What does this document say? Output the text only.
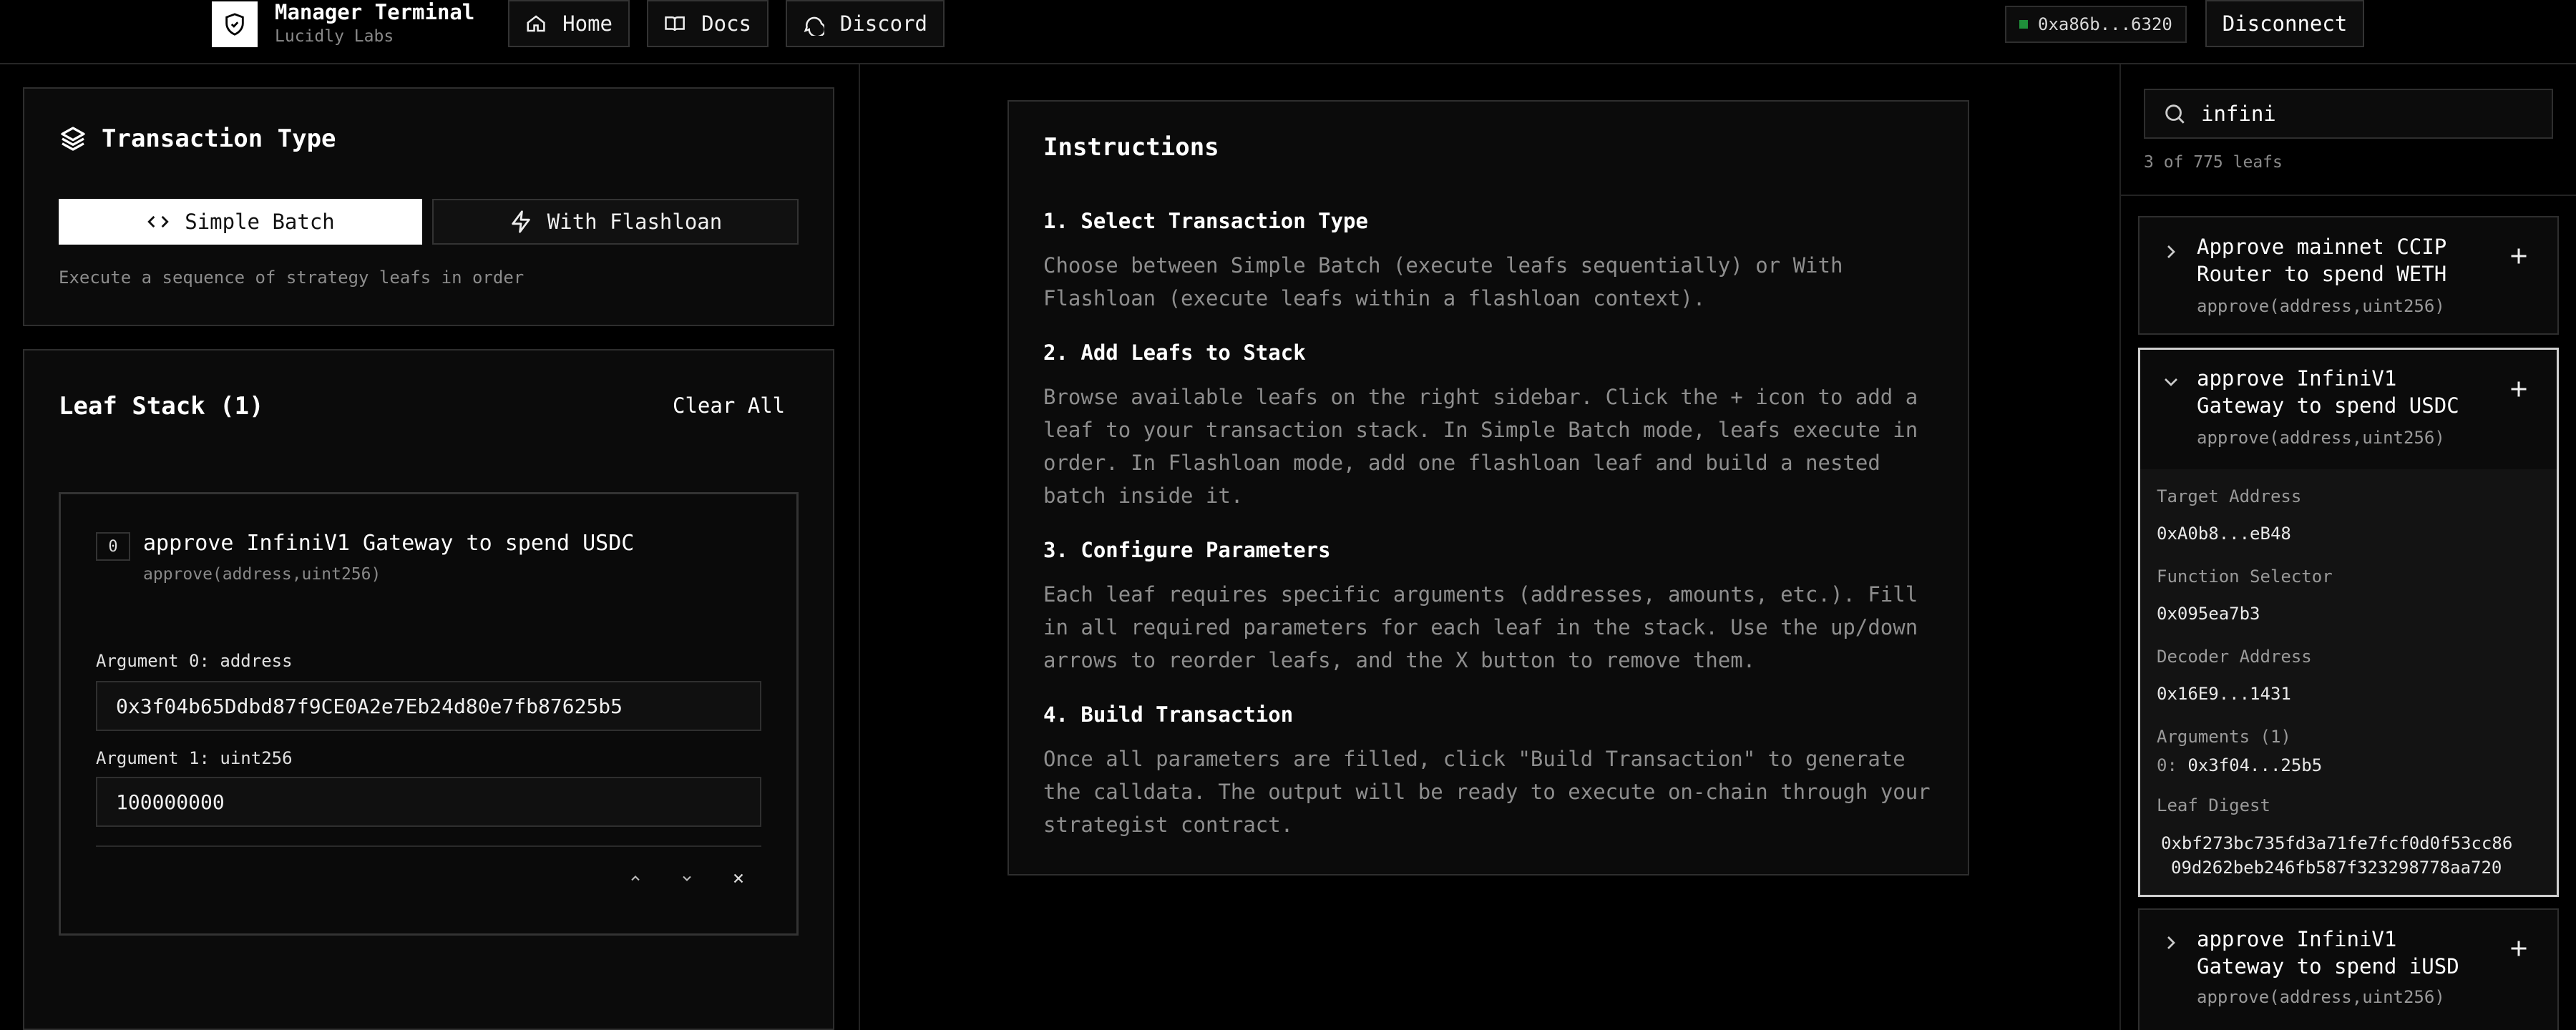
Manager Terminal
Lucidly Labs
Home	Docs	Discord	0xa86b...6320	Disconnect
Transaction Type
Simple Batch	With Flashloan
Execute a sequence of strategy leafs in order
Leaf Stack (1)	Clear All
0	approve InfiniV1 Gateway to spend USDC
approve(address,uint256)
Argument 0: address
0x3f04b65Ddbd87f9CE0A2e7Eb24d80e7fb87625b5
Argument 1: uint256
100000000
Instructions
1. Select Transaction Type
Choose between Simple Batch (execute leafs sequentially) or With Flashloan (execute leafs within a flashloan context).
2. Add Leafs to Stack
Browse available leafs on the right sidebar. Click the + icon to add a leaf to your transaction stack. In Simple Batch mode, leafs execute in order. In Flashloan mode, add one flashloan leaf and build a nested batch inside it.
3. Configure Parameters
Each leaf requires specific arguments (addresses, amounts, etc.). Fill in all required parameters for each leaf in the stack. Use the up/down arrows to reorder leafs, and the X button to remove them.
4. Build Transaction
Once all parameters are filled, click "Build Transaction" to generate the calldata. The output will be ready to execute on-chain through your strategist contract.
infini
3 of 775 leafs
Approve mainnet CCIP
Router to spend WETH
approve(address,uint256)
approve InfiniV1
Gateway to spend USDC
approve(address,uint256)
Target Address
0xA0b8...eB48
Function Selector
0x095ea7b3
Decoder Address
0x16E9...1431
Arguments (1)
0: 0x3f04...25b5
Leaf Digest
0xbf273bc735fd3a71fe7fcf0d0f53cc86
09d262beb246fb587f323298778aa720
approve InfiniV1
Gateway to spend iUSD
approve(address,uint256)
